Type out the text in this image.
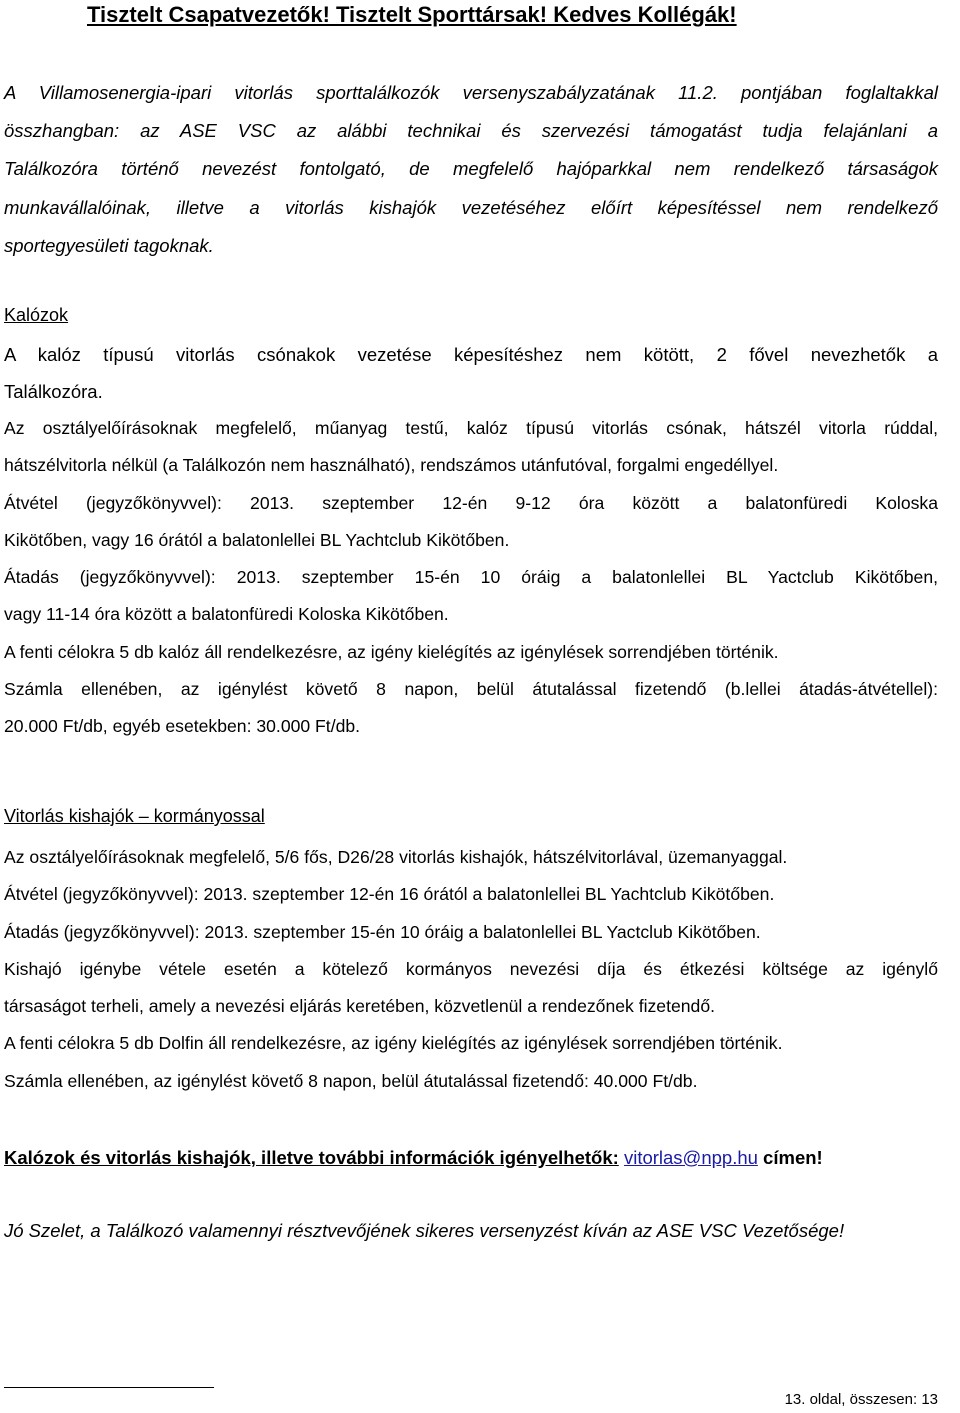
Tisztelt Csapatvezetők! Tisztelt Sporttársak! Kedves Kollégák!
A Villamosenergia-ipari vitorlás sporttalálkozók versenyszabályzatának 11.2. pontjában foglaltakkal
összhangban: az ASE VSC az alábbi technikai és szervezési támogatást tudja felajánlani a
Találkozóra történő nevezést fontolgató, de megfelelő hajóparkkal nem rendelkező társaságok
munkavállalóinak, illetve a vitorlás kishajók vezetéséhez előírt képesítéssel nem rendelkező
sportegyesületi tagoknak.
Kalózok
A kalóz típusú vitorlás csónakok vezetése képesítéshez nem kötött, 2 fővel nevezhetők a
Találkozóra.
Az osztályelőírásoknak megfelelő, műanyag testű, kalóz típusú vitorlás csónak, hátszél vitorla rúddal,
hátszélvitorla nélkül (a Találkozón nem használható), rendszámos utánfutóval, forgalmi engedéllyel.
Átvétel (jegyzőkönyvvel): 2013. szeptember 12-én 9-12 óra között a balatonfüredi Koloska
Kikötőben, vagy 16 órától a balatonlellei BL Yachtclub Kikötőben.
Átadás (jegyzőkönyvvel): 2013. szeptember 15-én 10 óráig a balatonlellei BL Yactclub Kikötőben,
vagy 11-14 óra között a balatonfüredi Koloska Kikötőben.
A fenti célokra 5 db kalóz áll rendelkezésre, az igény kielégítés az igénylések sorrendjében történik.
Számla ellenében, az igénylést követő 8 napon, belül átutalással fizetendő (b.lellei átadás-átvétellel):
20.000 Ft/db, egyéb esetekben: 30.000 Ft/db.
Vitorlás kishajók – kormányossal
Az osztályelőírásoknak megfelelő, 5/6 fős, D26/28 vitorlás kishajók, hátszélvitorlával, üzemanyaggal.
Átvétel (jegyzőkönyvvel): 2013. szeptember 12-én 16 órától a balatonlellei BL Yachtclub Kikötőben.
Átadás (jegyzőkönyvvel): 2013. szeptember 15-én 10 óráig a balatonlellei BL Yactclub Kikötőben.
Kishajó igénybe vétele esetén a kötelező kormányos nevezési díja és étkezési költsége az igénylő
társaságot terheli, amely a nevezési eljárás keretében, közvetlenül a rendezőnek fizetendő.
A fenti célokra 5 db Dolfin áll rendelkezésre, az igény kielégítés az igénylések sorrendjében történik.
Számla ellenében, az igénylést követő 8 napon, belül átutalással fizetendő: 40.000 Ft/db.
Kalózok és vitorlás kishajók, illetve további információk igényelhetők: vitorlas@npp.hu címen!
Jó Szelet, a Találkozó valamennyi résztvevőjének sikeres versenyzést kíván az ASE VSC Vezetősége!
13. oldal, összesen: 13
